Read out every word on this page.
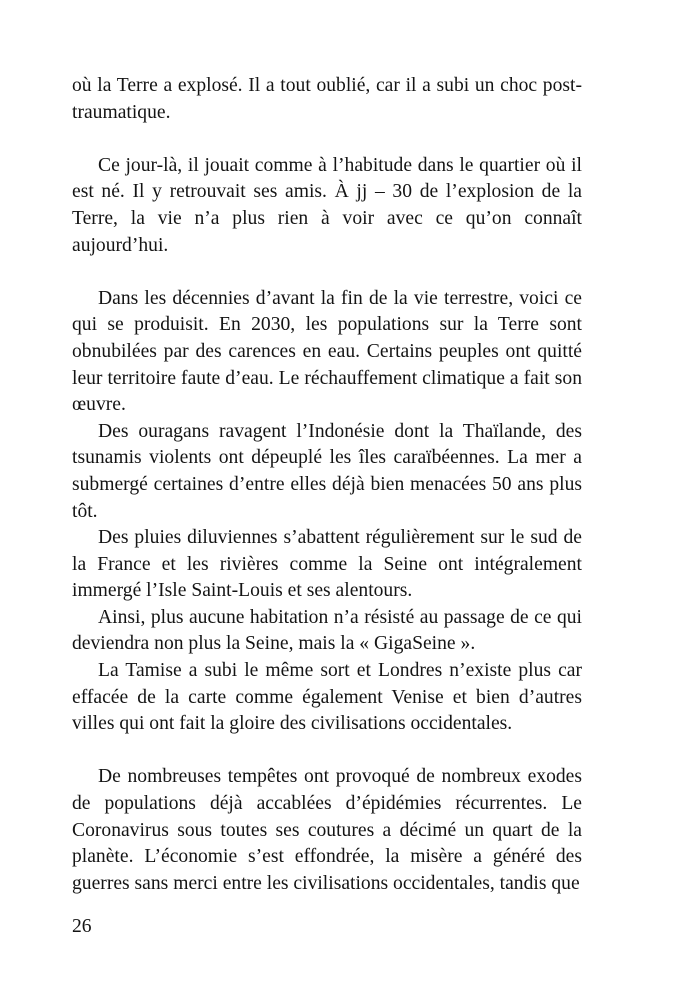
où la Terre a explosé. Il a tout oublié, car il a subi un choc post-traumatique.

Ce jour-là, il jouait comme à l’habitude dans le quartier où il est né. Il y retrouvait ses amis. À jj – 30 de l’explosion de la Terre, la vie n’a plus rien à voir avec ce qu’on connaît aujourd’hui.

Dans les décennies d’avant la fin de la vie terrestre, voici ce qui se produisit. En 2030, les populations sur la Terre sont obnubilées par des carences en eau. Certains peuples ont quitté leur territoire faute d’eau. Le réchauffement climatique a fait son œuvre.

Des ouragans ravagent l’Indonésie dont la Thaïlande, des tsunamis violents ont dépeuplé les îles caraïbéennes. La mer a submergé certaines d’entre elles déjà bien menacées 50 ans plus tôt.

Des pluies diluviennes s’abattent régulièrement sur le sud de la France et les rivières comme la Seine ont intégralement immergé l’Isle Saint-Louis et ses alentours.

Ainsi, plus aucune habitation n’a résisté au passage de ce qui deviendra non plus la Seine, mais la « GigaSeine ».

La Tamise a subi le même sort et Londres n’existe plus car effacée de la carte comme également Venise et bien d’autres villes qui ont fait la gloire des civilisations occidentales.

De nombreuses tempêtes ont provoqué de nombreux exodes de populations déjà accablées d’épidémies récurrentes. Le Coronavirus sous toutes ses coutures a décimé un quart de la planète. L’économie s’est effondrée, la misère a généré des guerres sans merci entre les civilisations occidentales, tandis que

26
